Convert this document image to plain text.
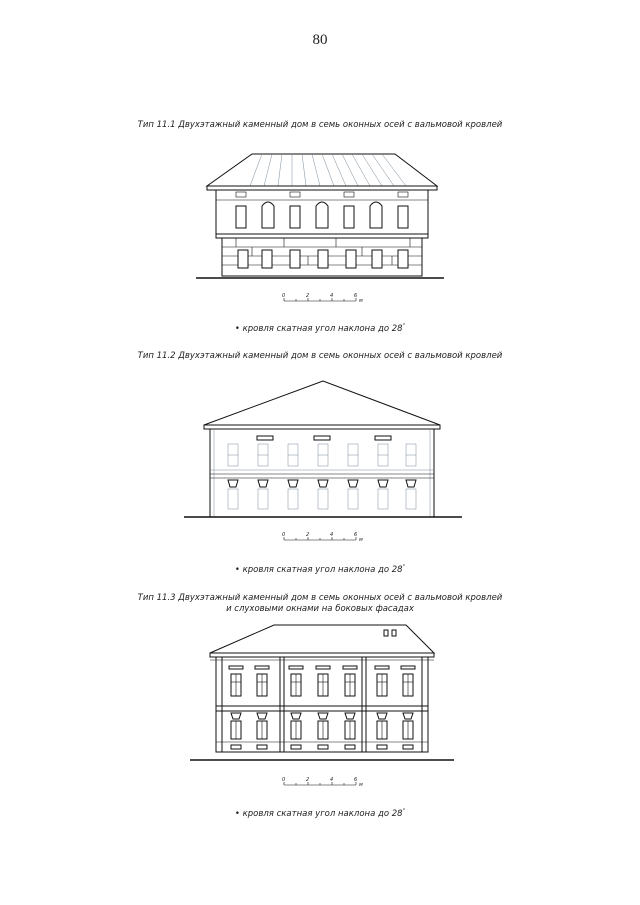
80
Тип 11.1 Двухэтажный каменный дом в семь оконных осей с вальмовой кровлей
0	2	4	6
м
• кровля скатная угол наклона до 28°
Тип 11.2 Двухэтажный каменный дом в семь оконных осей с вальмовой кровлей
0	2	4	6
м
• кровля скатная угол наклона до 28°
Тип 11.3 Двухэтажный каменный дом в семь оконных осей с вальмовой кровлей
и слуховыми окнами на боковых фасадах
0	2	4	6
м
• кровля скатная угол наклона до 28°
